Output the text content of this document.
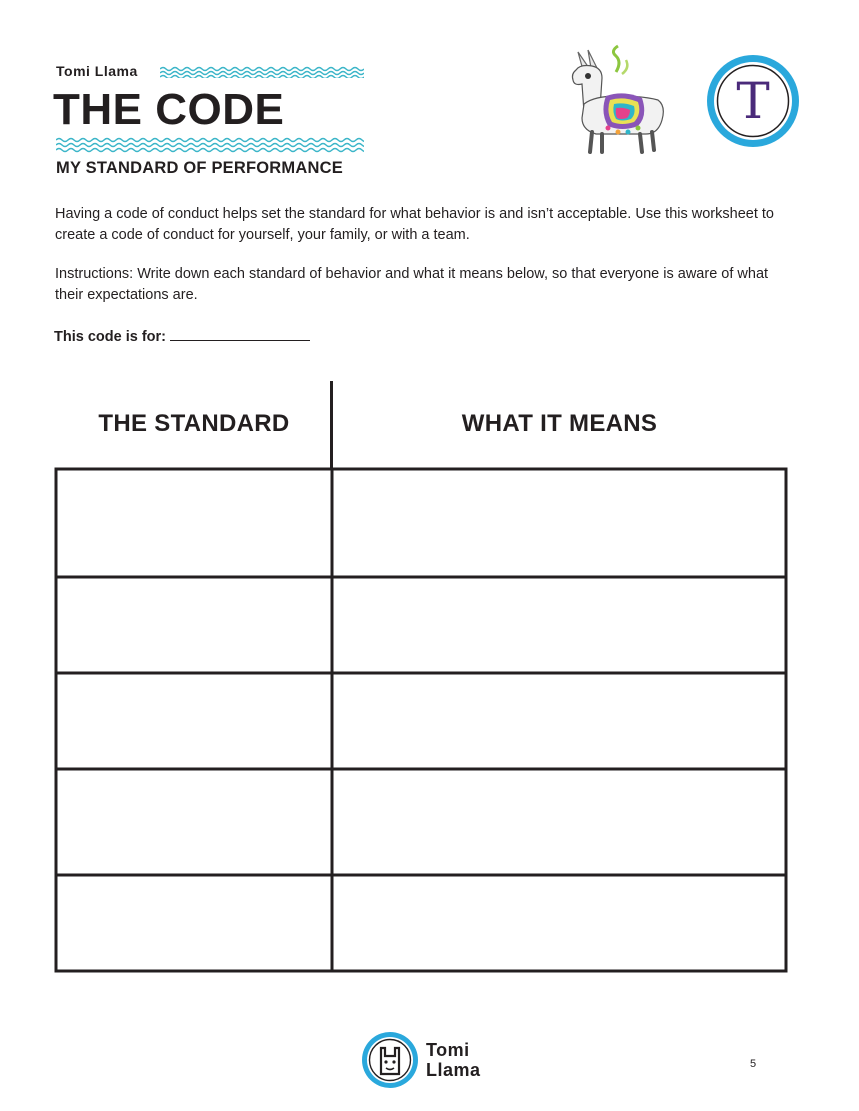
Tomi Llama
THE CODE
MY STANDARD OF PERFORMANCE
T
Having a code of conduct helps set the standard for what behavior is and isn’t acceptable. Use this worksheet to create a code of conduct for yourself, your family, or with a team.
Instructions: Write down each standard of behavior and what it means below, so that everyone is aware of what their expectations are.
This code is for:
THE STANDARD	WHAT IT MEANS
Tomi
Llama	5
